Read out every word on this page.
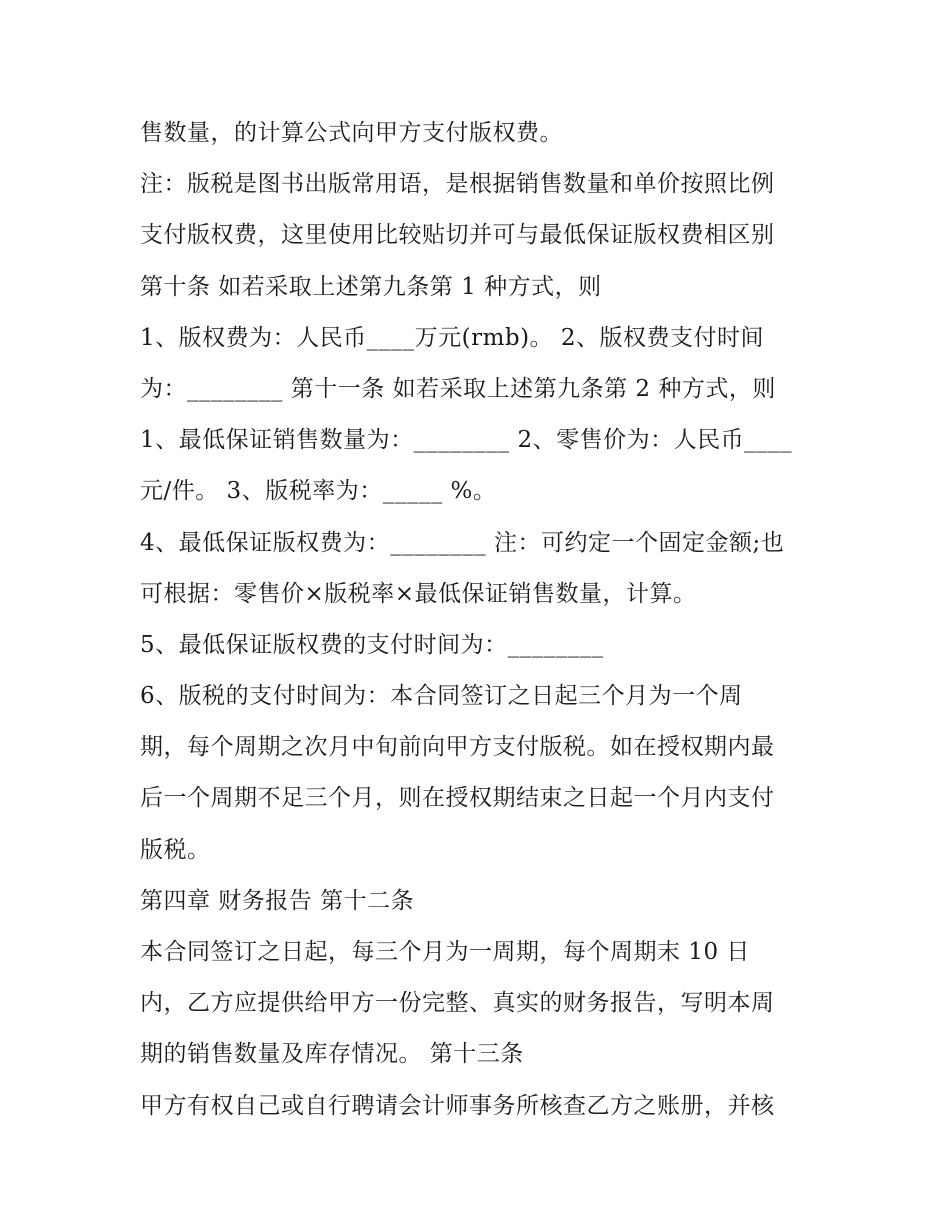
售数量，的计算公式向甲方支付版权费。
注：版税是图书出版常用语，是根据销售数量和单价按照比例
支付版权费，这里使用比较贴切并可与最低保证版权费相区别
第十条 如若采取上述第九条第 1 种方式，则
1、版权费为：人民币____万元(rmb)。 2、版权费支付时间
为：________ 第十一条 如若采取上述第九条第 2 种方式，则
1、最低保证销售数量为：________ 2、零售价为：人民币____
元/件。 3、版税率为：_____ %。
4、最低保证版权费为：________ 注：可约定一个固定金额;也
可根据：零售价×版税率×最低保证销售数量，计算。
5、最低保证版权费的支付时间为：________
6、版税的支付时间为：本合同签订之日起三个月为一个周
期，每个周期之次月中旬前向甲方支付版税。如在授权期内最
后一个周期不足三个月，则在授权期结束之日起一个月内支付
版税。
第四章 财务报告 第十二条
本合同签订之日起，每三个月为一周期，每个周期末 10 日
内，乙方应提供给甲方一份完整、真实的财务报告，写明本周
期的销售数量及库存情况。 第十三条
甲方有权自己或自行聘请会计师事务所核查乙方之账册，并核
